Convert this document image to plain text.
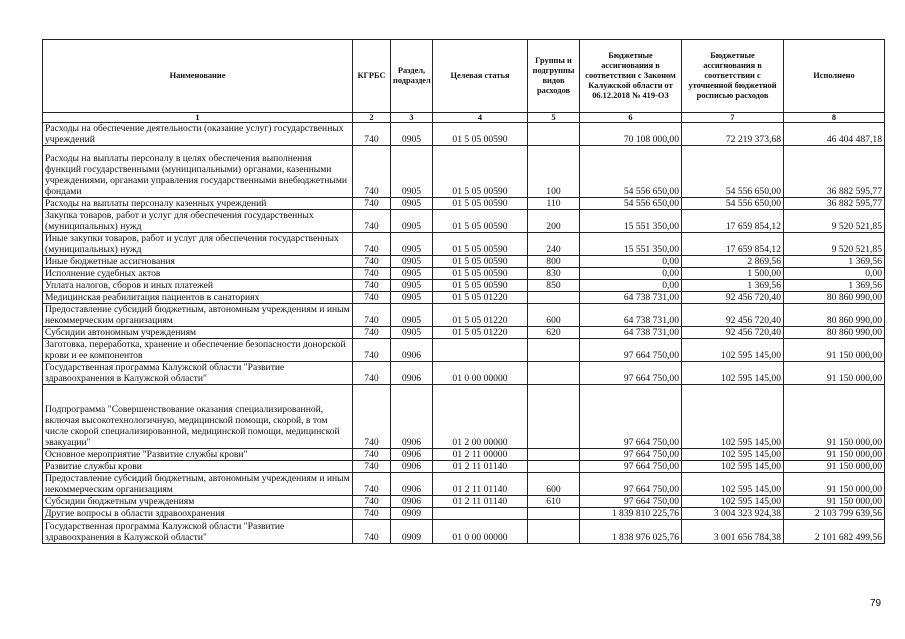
Наименование	КГРБС	Раздел, подраздел	Целевая статья	Группы и подгруппы видов расходов	Бюджетные ассигнования в соответствии с Законом Калужской области от 06.12.2018 № 419-ОЗ	Бюджетные ассигнования в соответствии с уточненной бюджетной росписью расходов	Исполнено
1	2	3	4	5	6	7	8
Расходы на обеспечение деятельности (оказание услуг) государственных учреждений	740	0905	01 5 05 00590		70 108 000,00	72 219 373,68	46 404 487,18
Расходы на выплаты персоналу в целях обеспечения выполнения функций государственными (муниципальными) органами, казенными учреждениями, органами управления государственными внебюджетными фондами	740	0905	01 5 05 00590	100	54 556 650,00	54 556 650,00	36 882 595,77
Расходы на выплаты персоналу казенных учреждений	740	0905	01 5 05 00590	110	54 556 650,00	54 556 650,00	36 882 595,77
Закупка товаров, работ и услуг для обеспечения государственных (муниципальных) нужд	740	0905	01 5 05 00590	200	15 551 350,00	17 659 854,12	9 520 521,85
Иные закупки товаров, работ и услуг для обеспечения государственных (муниципальных) нужд	740	0905	01 5 05 00590	240	15 551 350,00	17 659 854,12	9 520 521,85
Иные бюджетные ассигнования	740	0905	01 5 05 00590	800	0,00	2 869,56	1 369,56
Исполнение судебных актов	740	0905	01 5 05 00590	830	0,00	1 500,00	0,00
Уплата налогов, сборов и иных платежей	740	0905	01 5 05 00590	850	0,00	1 369,56	1 369,56
Медицинская реабилитация пациентов в санаториях	740	0905	01 5 05 01220		64 738 731,00	92 456 720,40	80 860 990,00
Предоставление субсидий бюджетным, автономным учреждениям и иным некоммерческим организациям	740	0905	01 5 05 01220	600	64 738 731,00	92 456 720,40	80 860 990,00
Субсидии автономным учреждениям	740	0905	01 5 05 01220	620	64 738 731,00	92 456 720,40	80 860 990,00
Заготовка, переработка, хранение и обеспечение безопасности донорской крови и ее компонентов	740	0906			97 664 750,00	102 595 145,00	91 150 000,00
Государственная программа Калужской области "Развитие здравоохранения в Калужской области"	740	0906	01 0 00 00000		97 664 750,00	102 595 145,00	91 150 000,00
Подпрограмма "Совершенствование оказания специализированной, включая высокотехнологичную, медицинской помощи, скорой, в том числе скорой специализированной, медицинской помощи, медицинской эвакуации"	740	0906	01 2 00 00000		97 664 750,00	102 595 145,00	91 150 000,00
Основное мероприятие "Развитие службы крови"	740	0906	01 2 11 00000		97 664 750,00	102 595 145,00	91 150 000,00
Развитие службы крови	740	0906	01 2 11 01140		97 664 750,00	102 595 145,00	91 150 000,00
Предоставление субсидий бюджетным, автономным учреждениям и иным некоммерческим организациям	740	0906	01 2 11 01140	600	97 664 750,00	102 595 145,00	91 150 000,00
Субсидии бюджетным учреждениям	740	0906	01 2 11 01140	610	97 664 750,00	102 595 145,00	91 150 000,00
Другие вопросы в области здравоохранения	740	0909			1 839 810 225,76	3 004 323 924,38	2 103 799 639,56
Государственная программа Калужской области "Развитие здравоохранения в Калужской области"	740	0909	01 0 00 00000		1 838 976 025,76	3 001 656 784,38	2 101 682 499,56
79
